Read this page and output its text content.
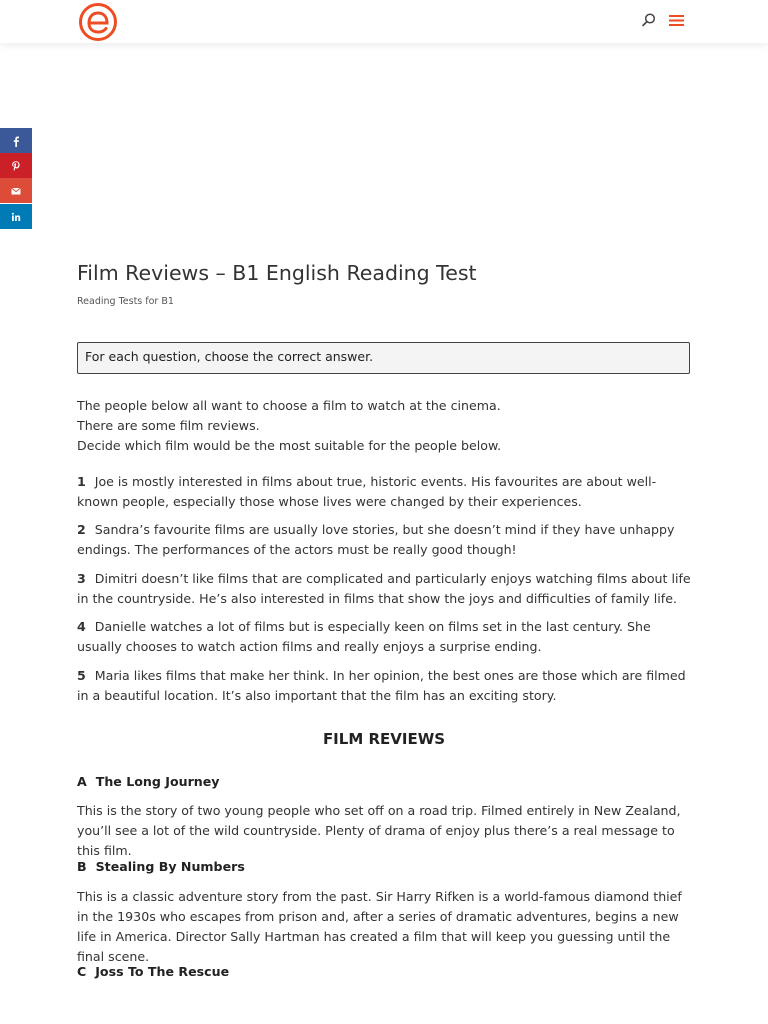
Film Reviews – B1 English Reading Test
Reading Tests for B1
For each question, choose the correct answer.

The people below all want to choose a film to watch at the cinema.
There are some film reviews.
Decide which film would be the most suitable for the people below.

1 Joe is mostly interested in films about true, historic events. His favourites are about well-known people, especially those whose lives were changed by their experiences.

2 Sandra’s favourite films are usually love stories, but she doesn’t mind if they have unhappy endings. The performances of the actors must be really good though!

3 Dimitri doesn’t like films that are complicated and particularly enjoys watching films about life in the countryside. He’s also interested in films that show the joys and difficulties of family life.

4 Danielle watches a lot of films but is especially keen on films set in the last century. She usually chooses to watch action films and really enjoys a surprise ending.

5 Maria likes films that make her think. In her opinion, the best ones are those which are filmed in a beautiful location. It’s also important that the film has an exciting story.

FILM REVIEWS
A The Long Journey

This is the story of two young people who set off on a road trip. Filmed entirely in New Zealand, you’ll see a lot of the wild countryside. Plenty of drama of enjoy plus there’s a real message to this film.

B Stealing By Numbers

This is a classic adventure story from the past. Sir Harry Rifken is a world-famous diamond thief in the 1930s who escapes from prison and, after a series of dramatic adventures, begins a new life in America. Director Sally Hartman has created a film that will keep you guessing until the final scene.

C Joss To The Rescue
